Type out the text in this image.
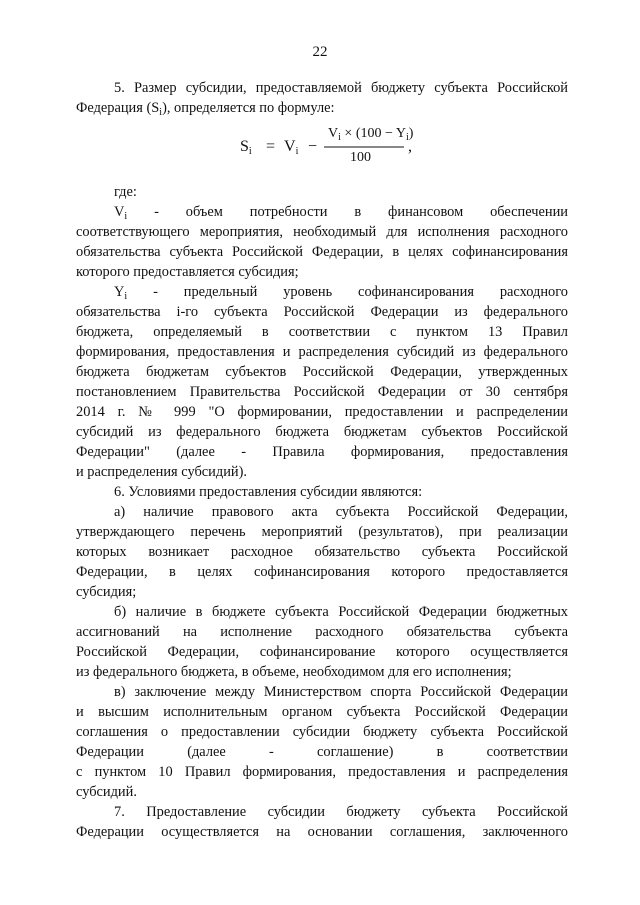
22
5. Размер субсидии, предоставляемой бюджету субъекта Российской
Федерация $(S_i)$, определяется по формуле:
$S_i = V_i$ −
$V_i \times (100 - Y_i)$
100
,
где:
$V_i$ - объем потребности в финансовом обеспечении
соответствующего мероприятия, необходимый для исполнения расходного
обязательства субъекта Российской Федерации, в целях софинансирования
которого предоставляется субсидия;
$Y_i$ - предельный уровень софинансирования расходного
обязательства i-го субъекта Российской Федерации из федерального
бюджета, определяемый в соответствии с пунктом 13 Правил
формирования, предоставления и распределения субсидий из федерального
бюджета бюджетам субъектов Российской Федерации, утвержденных
постановлением Правительства Российской Федерации от 30 сентября
2014 г. № 999 "О формировании, предоставлении и распределении
субсидий из федерального бюджета бюджетам субъектов Российской
Федерации" (далее - Правила формирования, предоставления
и распределения субсидий).
6. Условиями предоставления субсидии являются:
а) наличие правового акта субъекта Российской Федерации,
утверждающего перечень мероприятий (результатов), при реализации
которых возникает расходное обязательство субъекта Российской
Федерации, в целях софинансирования которого предоставляется
субсидия;
б) наличие в бюджете субъекта Российской Федерации бюджетных
ассигнований на исполнение расходного обязательства субъекта
Российской Федерации, софинансирование которого осуществляется
из федерального бюджета, в объеме, необходимом для его исполнения;
в) заключение между Министерством спорта Российской Федерации
и высшим исполнительным органом субъекта Российской Федерации
соглашения о предоставлении субсидии бюджету субъекта Российской
Федерации (далее - соглашение) в соответствии
с пунктом 10 Правил формирования, предоставления и распределения
субсидий.
7. Предоставление субсидии бюджету субъекта Российской
Федерации осуществляется на основании соглашения, заключенного
